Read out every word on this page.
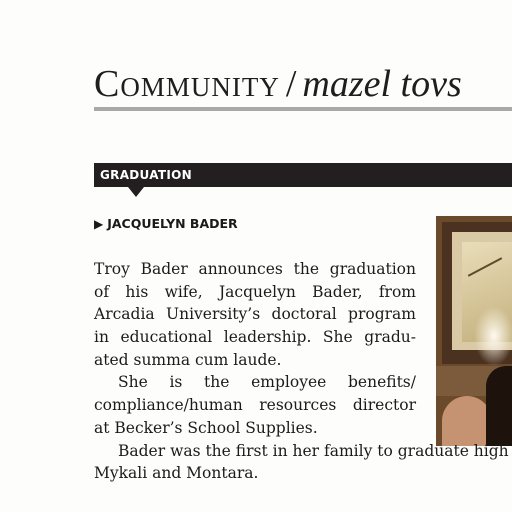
Community / mazel tovs
GRADUATION
▶ JACQUELYN BADER
Troy Bader announces the graduation
of his wife, Jacquelyn Bader, from
Arcadia University’s doctoral program
in educational leadership. She gradu-
ated summa cum laude.
She is the employee benefits/
compliance/human resources director
at Becker’s School Supplies.
Bader was the first in her family to graduate high
Mykali and Montara.
